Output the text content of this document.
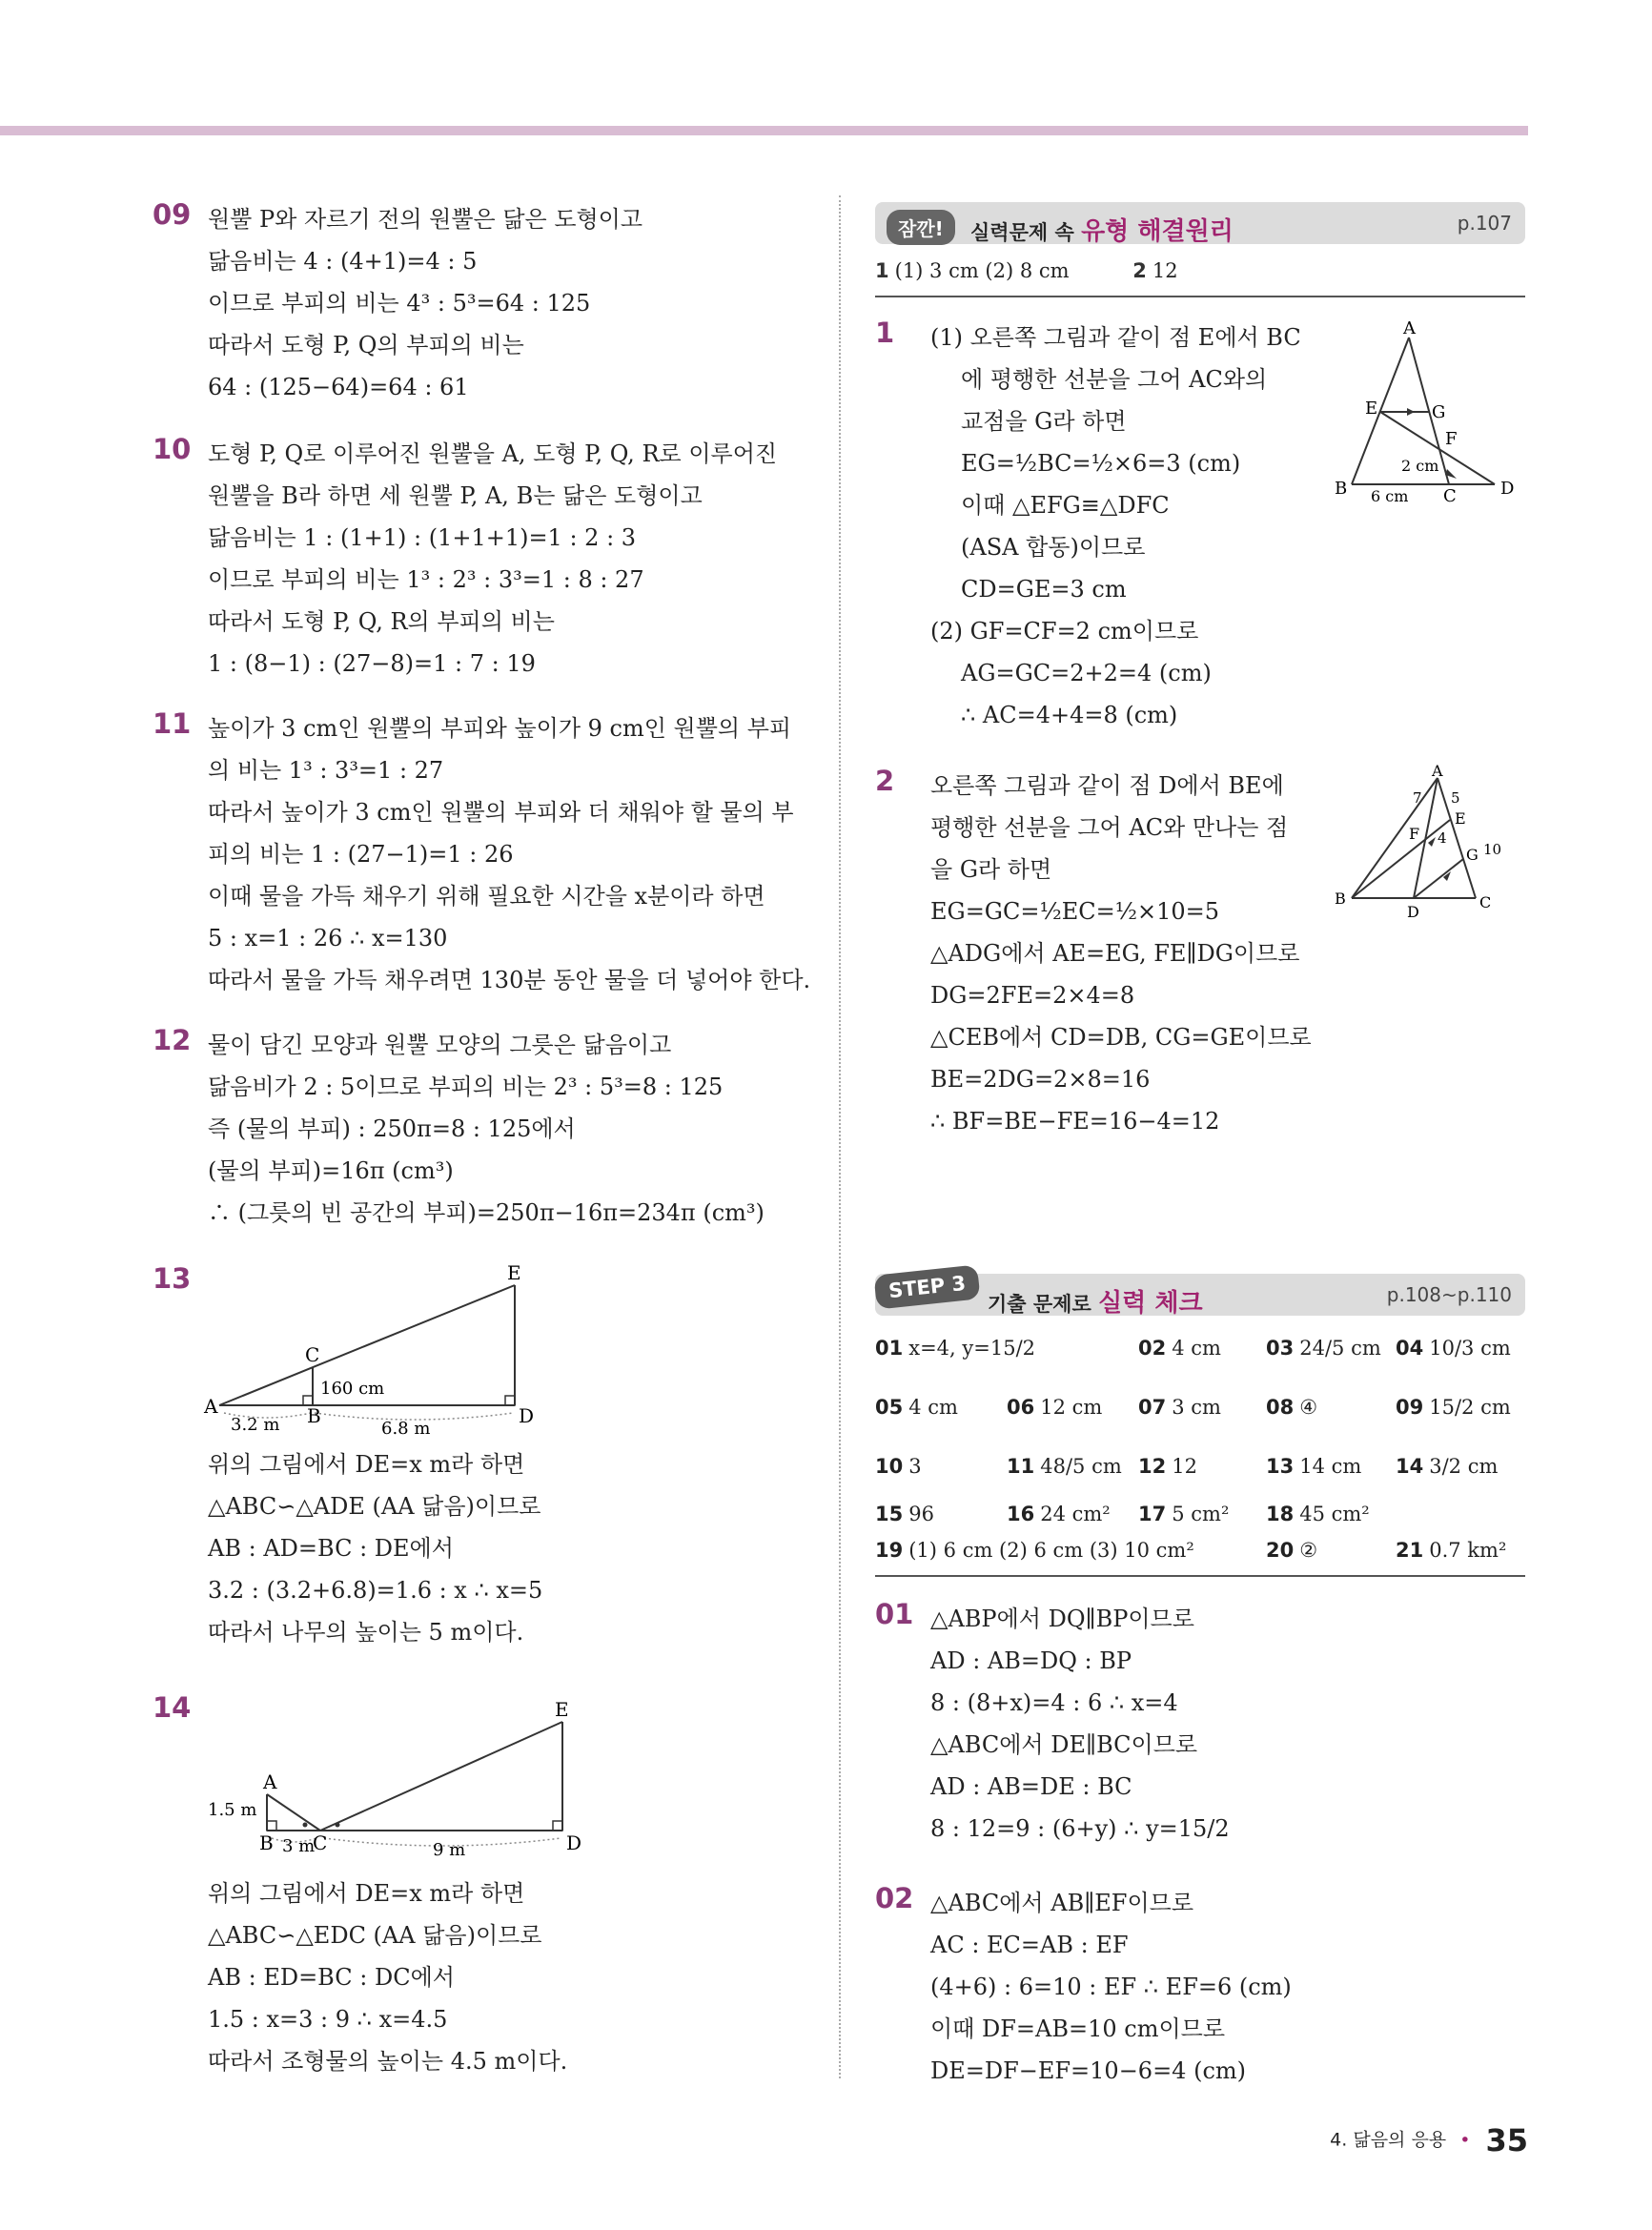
09 원뿔 P와 자르기 전의 원뿔은 닮은 도형이고
닮음비는 4 : (4+1)=4 : 5
이므로 부피의 비는 4³ : 5³=64 : 125
따라서 도형 P, Q의 부피의 비는
64 : (125−64)=64 : 61
10 도형 P, Q로 이루어진 원뿔을 A, 도형 P, Q, R로 이루어진
원뿔을 B라 하면 세 원뿔 P, A, B는 닮은 도형이고
닮음비는 1 : (1+1) : (1+1+1)=1 : 2 : 3
이므로 부피의 비는 1³ : 2³ : 3³=1 : 8 : 27
따라서 도형 P, Q, R의 부피의 비는
1 : (8−1) : (27−8)=1 : 7 : 19
11 높이가 3 cm인 원뿔의 부피와 높이가 9 cm인 원뿔의 부피
의 비는 1³ : 3³=1 : 27
따라서 높이가 3 cm인 원뿔의 부피와 더 채워야 할 물의 부
피의 비는 1 : (27−1)=1 : 26
이때 물을 가득 채우기 위해 필요한 시간을 x분이라 하면
5 : x=1 : 26 ∴ x=130
따라서 물을 가득 채우려면 130분 동안 물을 더 넣어야 한다.
12 물이 담긴 모양과 원뿔 모양의 그릇은 닮음이고
닮음비가 2 : 5이므로 부피의 비는 2³ : 5³=8 : 125
즉 (물의 부피) : 250π=8 : 125에서
(물의 부피)=16π (cm³)
∴ (그릇의 빈 공간의 부피)=250π−16π=234π (cm³)
13
A	B
C
D
E
160 cm
3.2 m	6.8 m
위의 그림에서 DE=x m라 하면
△ABC∽△ADE (AA 닮음)이므로
AB : AD=BC : DE에서
3.2 : (3.2+6.8)=1.6 : x ∴ x=5
따라서 나무의 높이는 5 m이다.
14
A
B C	D
E
1.5 m
3 m	9 m
위의 그림에서 DE=x m라 하면
△ABC∽△EDC (AA 닮음)이므로
AB : ED=BC : DC에서
1.5 : x=3 : 9 ∴ x=4.5
따라서 조형물의 높이는 4.5 m이다.
잠깐!	실력문제 속 유형 해결원리	p.107
1 (1) 3 cm (2) 8 cm	2 12
1	A
B	C	D
E
F
G
2 cm
6 cm
(1) 오른쪽 그림과 같이 점 E에서 BC
에 평행한 선분을 그어 AC와의
교점을 G라 하면
EG=½BC=½×6=3 (cm)
이때 △EFG≡△DFC
(ASA 합동)이므로
CD=GE=3 cm
(2) GF=CF=2 cm이므로
AG=GC=2+2=4 (cm)
∴ AC=4+4=8 (cm)
2	A
B	C
D
E
F
G
7 5
4
10
오른쪽 그림과 같이 점 D에서 BE에
평행한 선분을 그어 AC와 만나는 점
을 G라 하면
EG=GC=½EC=½×10=5
△ADG에서 AE=EG, FE∥DG이므로
DG=2FE=2×4=8
△CEB에서 CD=DB, CG=GE이므로
BE=2DG=2×8=16
∴ BF=BE−FE=16−4=12
STEP 3
기출 문제로 실력 체크	p.108~p.110
01 x=4, y=15/2	02 4 cm 03 24/5 cm 04 10/3 cm
05 4 cm 06 12 cm 07 3 cm 08 ④	09 15/2 cm
10 3	11 48/5 cm 12 12	13 14 cm 14 3/2 cm
15 96	16 24 cm² 17 5 cm² 18 45 cm²
19 (1) 6 cm (2) 6 cm (3) 10 cm²	20 ②	21 0.7 km²
01 △ABP에서 DQ∥BP이므로
AD : AB=DQ : BP
8 : (8+x)=4 : 6 ∴ x=4
△ABC에서 DE∥BC이므로
AD : AB=DE : BC
8 : 12=9 : (6+y) ∴ y=15/2
02 △ABC에서 AB∥EF이므로
AC : EC=AB : EF
(4+6) : 6=10 : EF ∴ EF=6 (cm)
이때 DF=AB=10 cm이므로
DE=DF−EF=10−6=4 (cm)
4. 닮음의 응용 • 35
